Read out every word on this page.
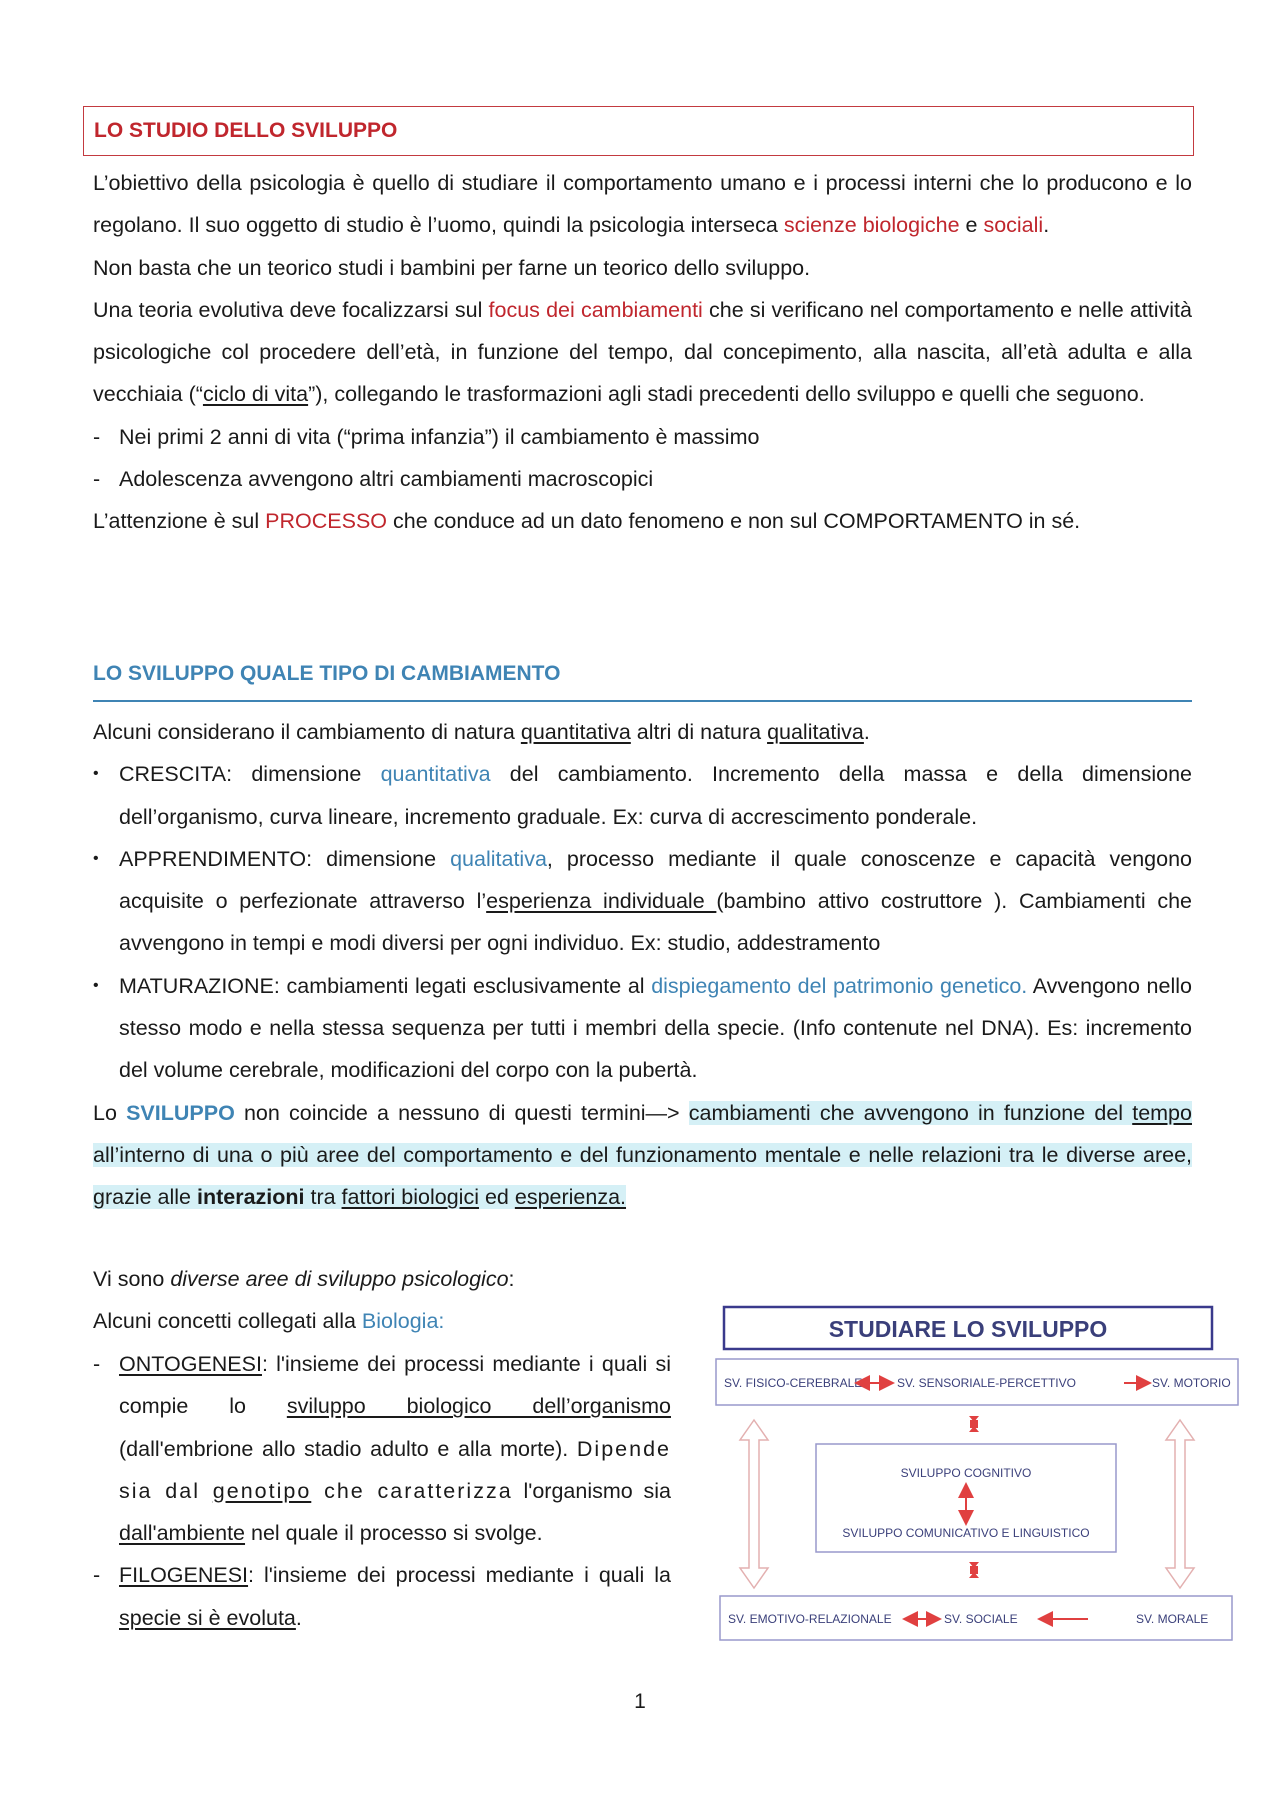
LO STUDIO DELLO SVILUPPO

L’obiettivo della psicologia è quello di studiare il comportamento umano e i processi interni che lo producono e lo regolano. Il suo oggetto di studio è l’uomo, quindi la psicologia interseca scienze biologiche e sociali.

Non basta che un teorico studi i bambini per farne un teorico dello sviluppo.

Una teoria evolutiva deve focalizzarsi sul focus dei cambiamenti che si verificano nel comportamento e nelle attività psicologiche col procedere dell’età, in funzione del tempo, dal concepimento, alla nascita, all’età adulta e alla vecchiaia (“ciclo di vita”), collegando le trasformazioni agli stadi precedenti dello sviluppo e quelli che seguono.

- Nei primi 2 anni di vita (“prima infanzia”) il cambiamento è massimo

- Adolescenza avvengono altri cambiamenti macroscopici

L’attenzione è sul PROCESSO che conduce ad un dato fenomeno e non sul COMPORTAMENTO in sé.

LO SVILUPPO QUALE TIPO DI CAMBIAMENTO

Alcuni considerano il cambiamento di natura quantitativa altri di natura qualitativa.

• CRESCITA: dimensione quantitativa del cambiamento. Incremento della massa e della dimensione dell’organismo, curva lineare, incremento graduale. Ex: curva di accrescimento ponderale.

• APPRENDIMENTO: dimensione qualitativa, processo mediante il quale conoscenze e capacità vengono acquisite o perfezionate attraverso l’esperienza individuale (bambino attivo costruttore ). Cambiamenti che avvengono in tempi e modi diversi per ogni individuo. Ex: studio, addestramento

• MATURAZIONE: cambiamenti legati esclusivamente al dispiegamento del patrimonio genetico. Avvengono nello stesso modo e nella stessa sequenza per tutti i membri della specie. (Info contenute nel DNA). Es: incremento del volume cerebrale, modificazioni del corpo con la pubertà.

Lo SVILUPPO non coincide a nessuno di questi termini—> cambiamenti che avvengono in funzione del tempo all’interno di una o più aree del comportamento e del funzionamento mentale e nelle relazioni tra le diverse aree, grazie alle interazioni tra fattori biologici ed esperienza.

Vi sono diverse aree di sviluppo psicologico:

Alcuni concetti collegati alla Biologia:

- ONTOGENESI: l'insieme dei processi mediante i quali si compie lo sviluppo biologico dell’organismo (dall'embrione allo stadio adulto e alla morte). Dipende sia dal genotipo che caratterizza l'organismo sia dall'ambiente nel quale il processo si svolge.

- FILOGENESI: l'insieme dei processi mediante i quali la specie si è evoluta.

STUDIARE LO SVILUPPO
SV. FISICO-CEREBRALE	SV. SENSORIALE-PERCETTIVO	SV. MOTORIO
SVILUPPO COGNITIVO
SVILUPPO COMUNICATIVO E LINGUISTICO
SV. EMOTIVO-RELAZIONALE	SV. SOCIALE	SV. MORALE
1
